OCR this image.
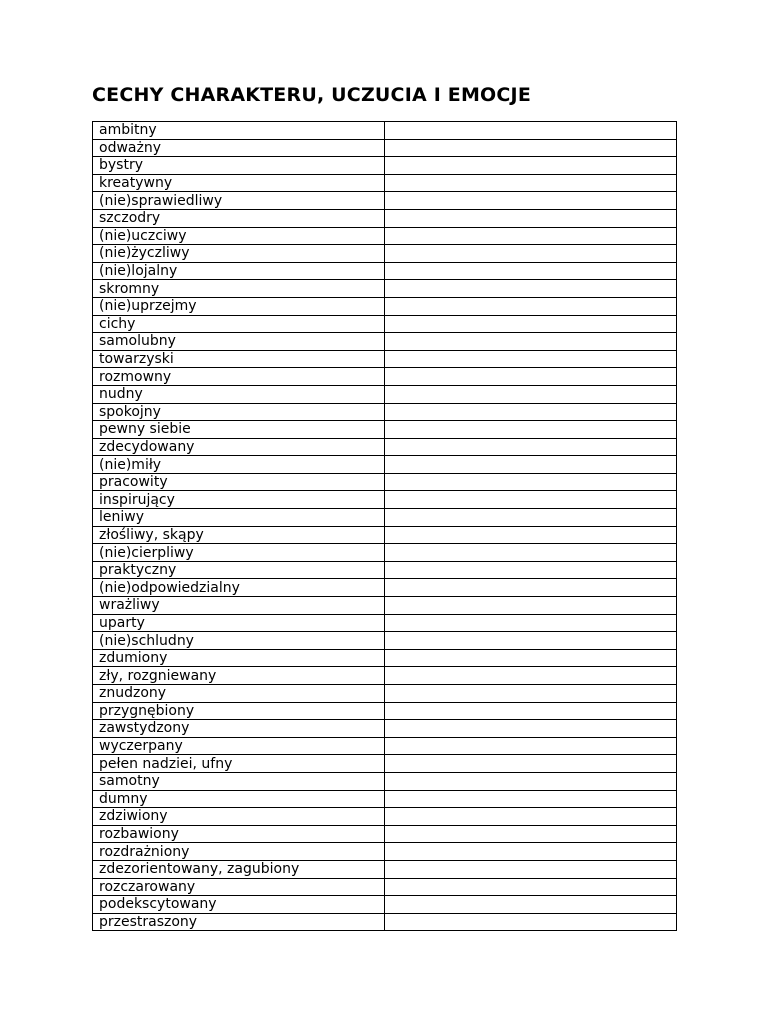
CECHY CHARAKTERU, UCZUCIA I EMOCJE
ambitny	
odważny	
bystry	
kreatywny	
(nie)sprawiedliwy	
szczodry	
(nie)uczciwy	
(nie)życzliwy	
(nie)lojalny	
skromny	
(nie)uprzejmy	
cichy	
samolubny	
towarzyski	
rozmowny	
nudny	
spokojny	
pewny siebie	
zdecydowany	
(nie)miły	
pracowity	
inspirujący	
leniwy	
złośliwy, skąpy	
(nie)cierpliwy	
praktyczny	
(nie)odpowiedzialny	
wrażliwy	
uparty	
(nie)schludny	
zdumiony	
zły, rozgniewany	
znudzony	
przygnębiony	
zawstydzony	
wyczerpany	
pełen nadziei, ufny	
samotny	
dumny	
zdziwiony	
rozbawiony	
rozdrażniony	
zdezorientowany, zagubiony	
rozczarowany	
podekscytowany	
przestraszony	
